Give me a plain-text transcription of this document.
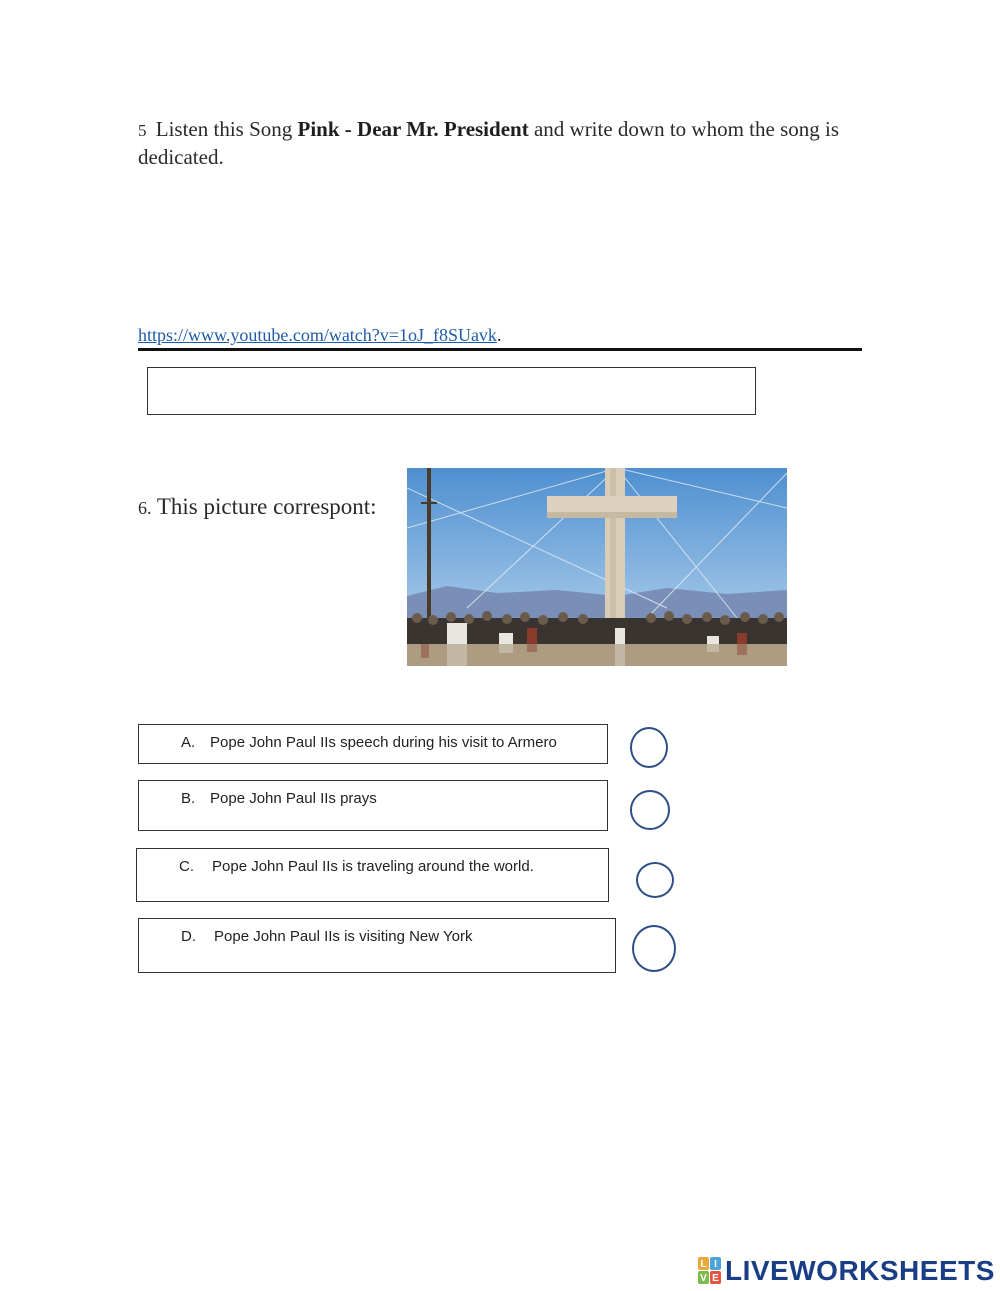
5 Listen this Song Pink - Dear Mr. President and write down to whom the song is dedicated.
https://www.youtube.com/watch?v=1oJ_f8SUavk.
6. This picture correspont:
A. Pope John Paul IIs speech during his visit to Armero
B. Pope John Paul IIs prays
C. Pope John Paul IIs is traveling around the world.
D. Pope John Paul IIs is visiting New York
L I
V E LIVEWORKSHEETS
